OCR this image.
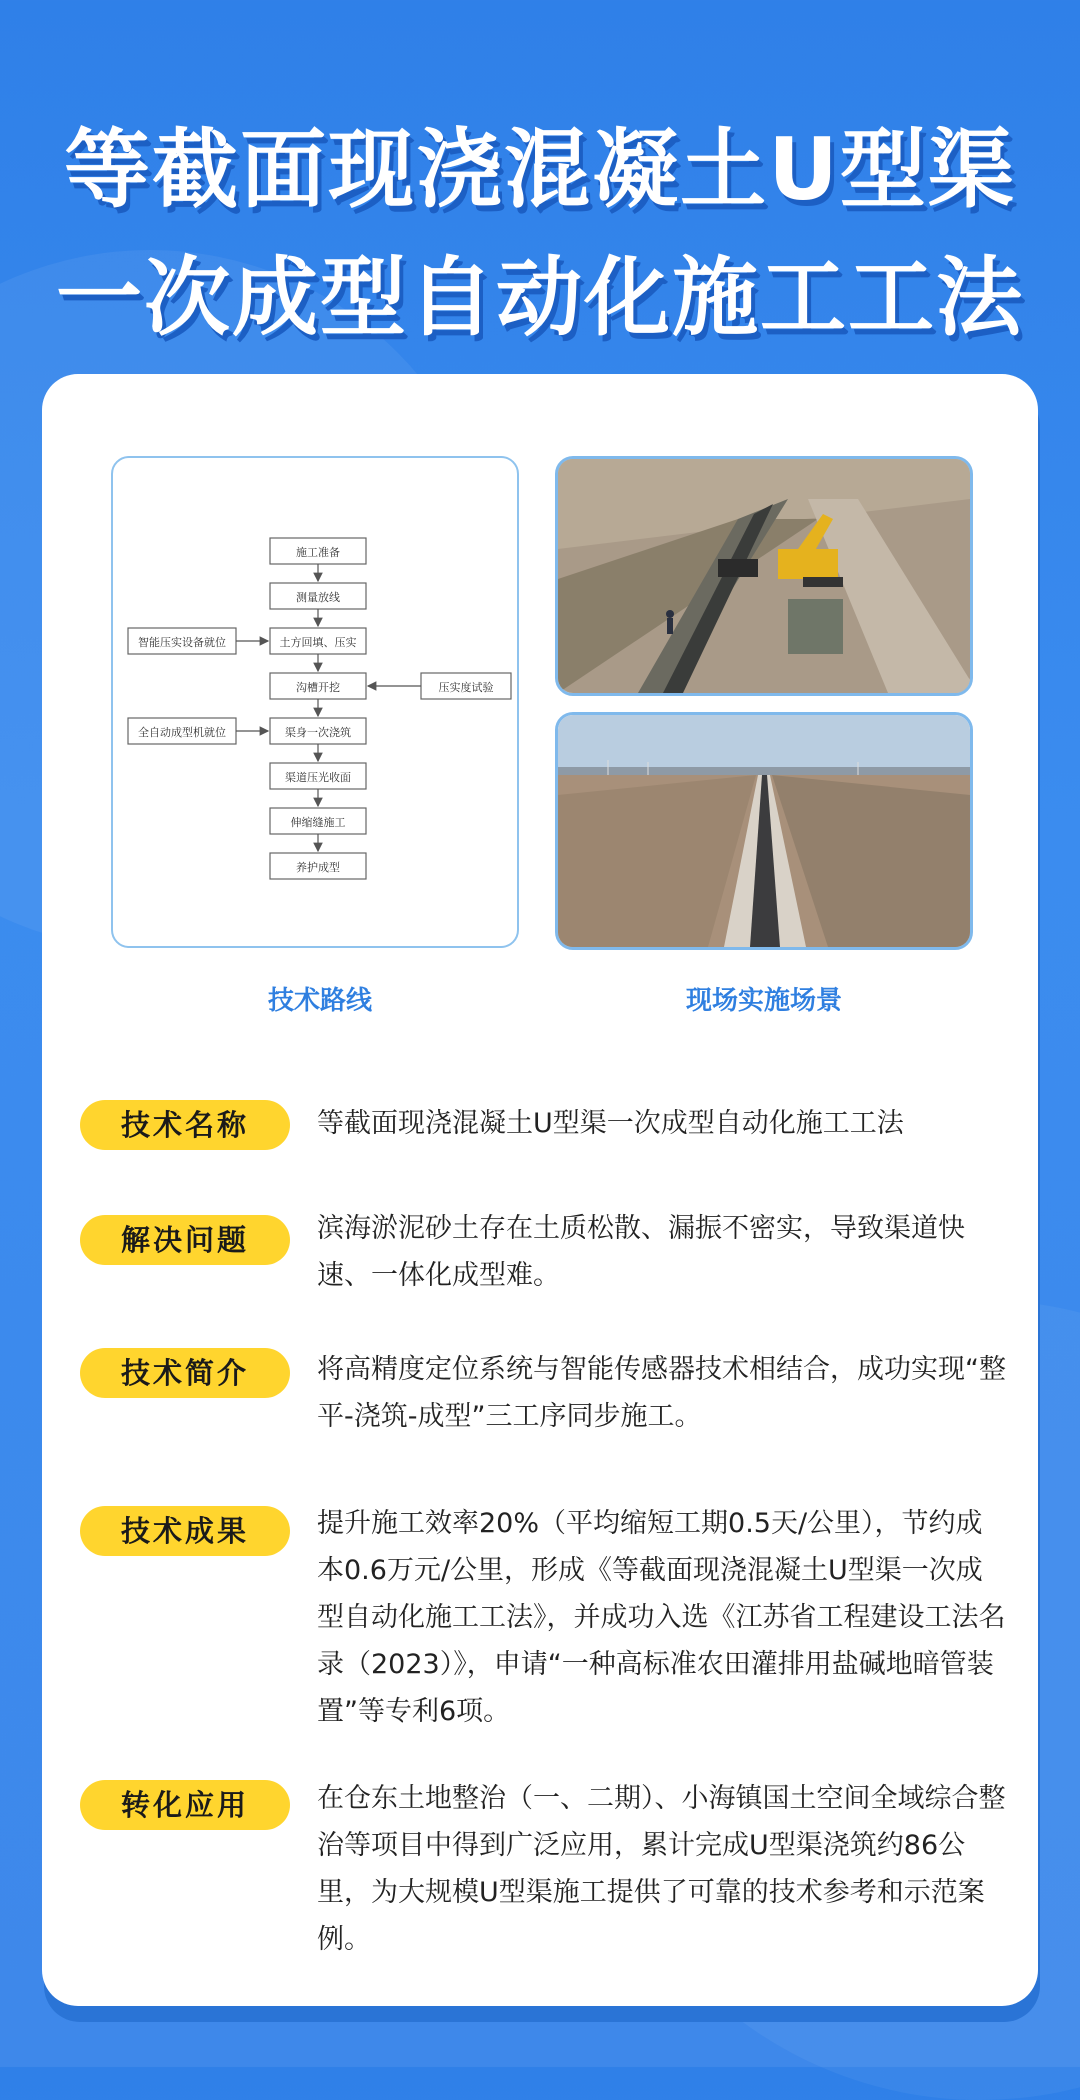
等截面现浇混凝土U型渠
一次成型自动化施工工法
施工准备
测量放线
土方回填、压实
沟槽开挖
渠身一次浇筑
渠道压光收面
伸缩缝施工
养护成型
智能压实设备就位
压实度试验
全自动成型机就位
技术路线	现场实施场景
技术名称	等截面现浇混凝土U型渠一次成型自动化施工工法
解决问题	滨海淤泥砂土存在土质松散、漏振不密实，导致渠道快速、一体化成型难。
技术简介	将高精度定位系统与智能传感器技术相结合，成功实现“整平-浇筑-成型”三工序同步施工。
技术成果	提升施工效率20%（平均缩短工期0.5天/公里），节约成本0.6万元/公里，形成《等截面现浇混凝土U型渠一次成型自动化施工工法》，并成功入选《江苏省工程建设工法名录（2023）》，申请“一种高标准农田灌排用盐碱地暗管装置”等专利6项。
转化应用	在仓东土地整治（一、二期）、小海镇国土空间全域综合整治等项目中得到广泛应用，累计完成U型渠浇筑约86公里，为大规模U型渠施工提供了可靠的技术参考和示范案例。
